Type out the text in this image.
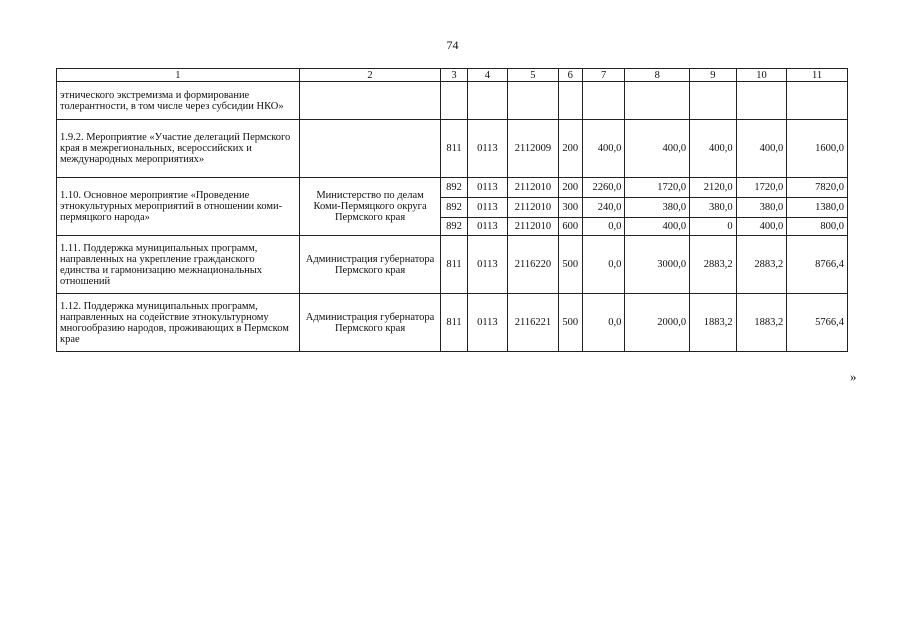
74
1	2	3	4	5	6	7	8	9	10	11
этнического экстремизма и формирование толерантности, в том числе через субсидии НКО»										
1.9.2. Мероприятие «Участие делегаций Пермского края в межрегиональных, всероссийских и международных мероприятиях»		811	0113	2112009	200	400,0	400,0	400,0	400,0	1600,0
1.10. Основное мероприятие «Проведение этнокультурных мероприятий в отношении коми-пермяцкого народа»	Министерство по делам Коми-Пермяцкого округа Пермского края	892	0113	2112010	200	2260,0	1720,0	2120,0	1720,0	7820,0
		892	0113	2112010	300	240,0	380,0	380,0	380,0	1380,0
		892	0113	2112010	600	0,0	400,0	0	400,0	800,0
1.11. Поддержка муниципальных программ, направленных на укрепление гражданского единства и гармонизацию межнациональных отношений	Администрация губернатора Пермского края	811	0113	2116220	500	0,0	3000,0	2883,2	2883,2	8766,4
1.12. Поддержка муниципальных программ, направленных на содействие этнокультурному многообразию народов, проживающих в Пермском крае	Администрация губернатора Пермского края	811	0113	2116221	500	0,0	2000,0	1883,2	1883,2	5766,4
»
